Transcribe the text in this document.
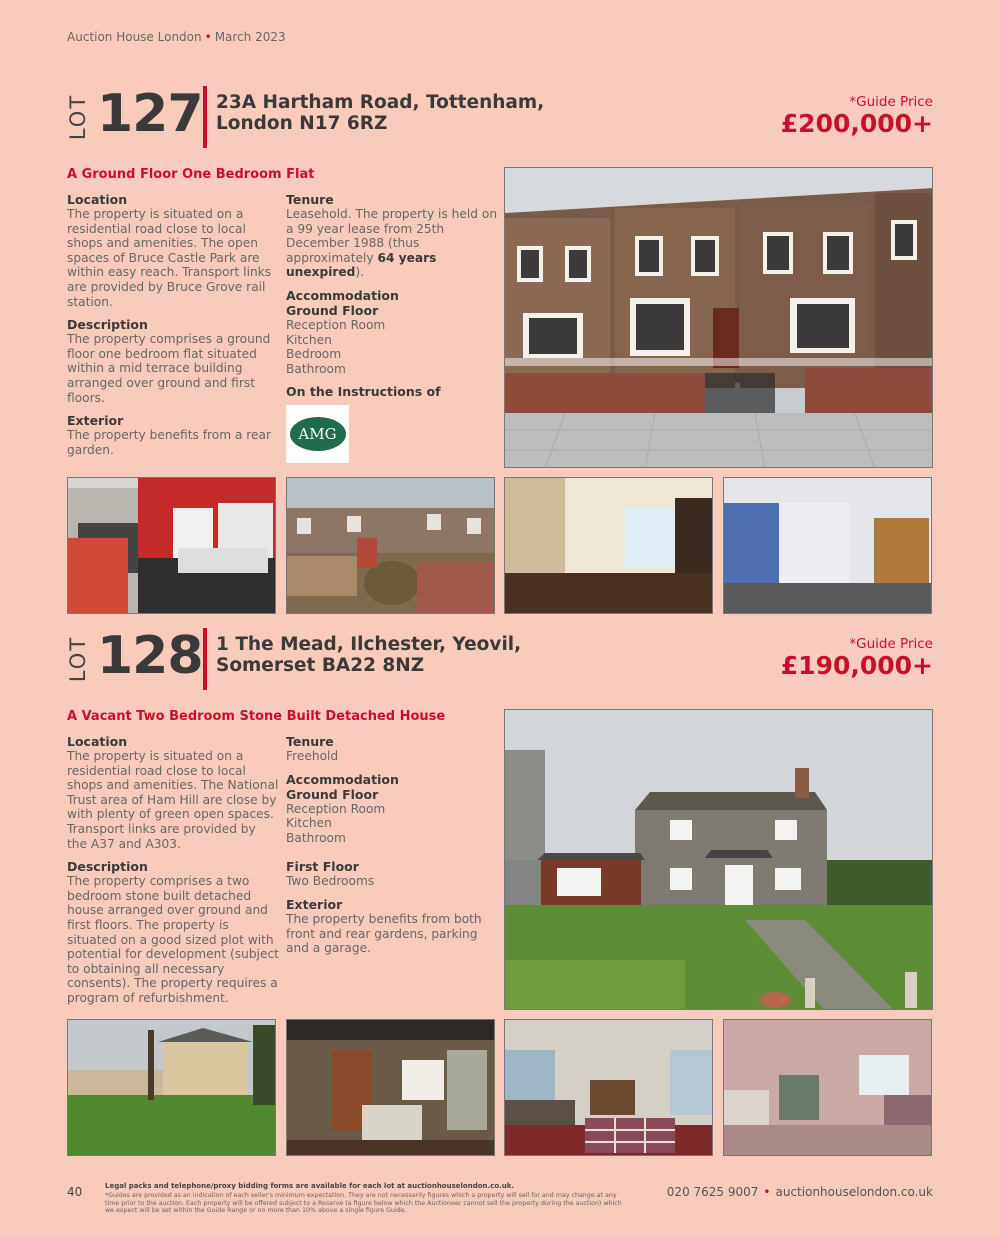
Auction House London • March 2023
LOT 127 23A Hartham Road, Tottenham,
London N17 6RZ
*Guide Price
£200,000+
A Ground Floor One Bedroom Flat
Location
The property is situated on a residential road close to local shops and amenities. The open spaces of Bruce Castle Park are within easy reach. Transport links are provided by Bruce Grove rail station.
Description
The property comprises a ground floor one bedroom flat situated within a mid terrace building arranged over ground and first floors.
Exterior
The property benefits from a rear garden.
Tenure
Leasehold. The property is held on a 99 year lease from 25th December 1988 (thus approximately 64 years unexpired).
Accommodation
Ground Floor
Reception Room
Kitchen
Bedroom
Bathroom
On the Instructions of
AMG
LOT 128 1 The Mead, Ilchester, Yeovil,
Somerset BA22 8NZ
*Guide Price
£190,000+
A Vacant Two Bedroom Stone Built Detached House
Location
The property is situated on a residential road close to local shops and amenities. The National Trust area of Ham Hill are close by with plenty of green open spaces. Transport links are provided by the A37 and A303.
Description
The property comprises a two bedroom stone built detached house arranged over ground and first floors. The property is situated on a good sized plot with potential for development (subject to obtaining all necessary consents). The property requires a program of refurbishment.
Tenure
Freehold
Accommodation
Ground Floor
Reception Room
Kitchen
Bathroom
First Floor
Two Bedrooms
Exterior
The property benefits from both front and rear gardens, parking and a garage.
40	Legal packs and telephone/proxy bidding forms are available for each lot at auctionhouselondon.co.uk.
*Guides are provided as an indication of each seller's minimum expectation. They are not necessarily figures which a property will sell for and may change at any time prior to the auction. Each property will be offered subject to a Reserve (a figure below which the Auctioneer cannot sell the property during the auction) which we expect will be set within the Guide Range or no more than 10% above a single figure Guide.
020 7625 9007 • auctionhouselondon.co.uk
